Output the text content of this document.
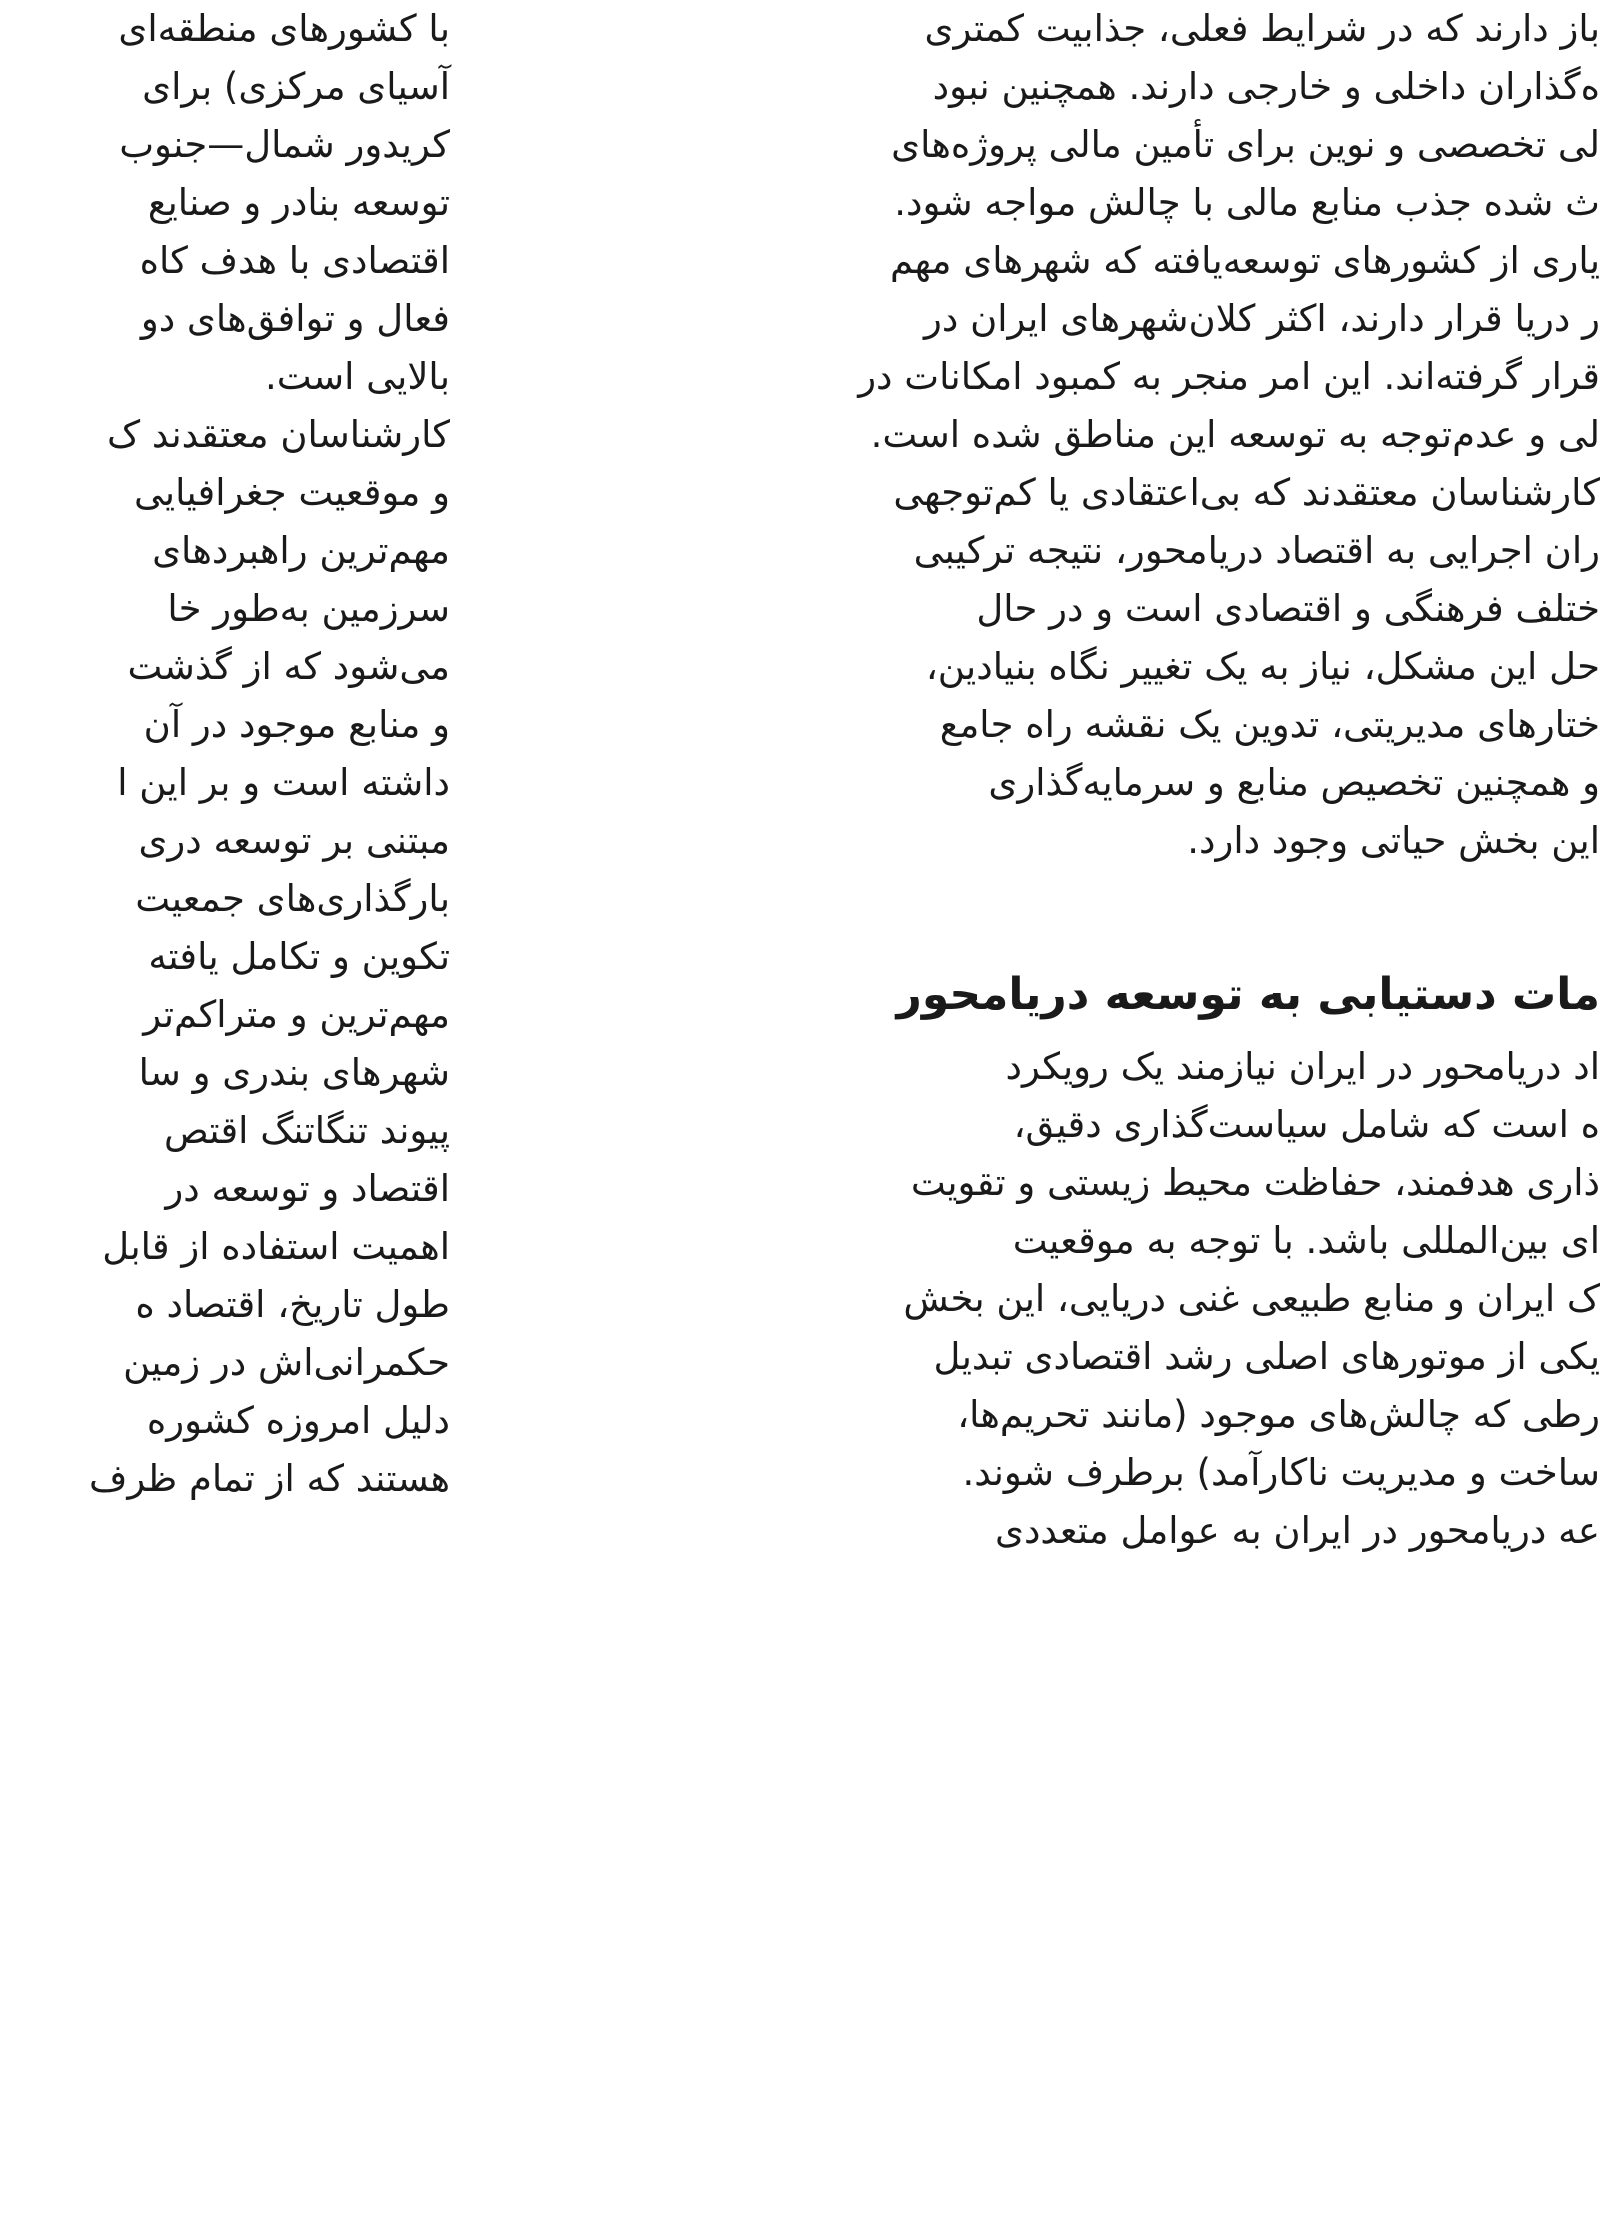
باز دارند که در شرایط فعلی، جذابیت کمتری
ه‌گذاران داخلی و خارجی دارند. همچنین نبود
لی تخصصی و نوین برای تأمین مالی پروژه‌های
ث شده جذب منابع مالی با چالش مواجه شود.
یاری از کشورهای توسعه‌یافته که شهرهای مهم
ر دریا قرار دارند، اکثر کلان‌شهرهای ایران در
قرار گرفته‌اند. این امر منجر به کمبود امکانات در
لی و عدم‌توجه به توسعه این مناطق شده است.
کارشناسان معتقدند که بی‌اعتقادی یا کم‌توجهی
ران اجرایی به اقتصاد دریامحور، نتیجه ترکیبی
ختلف فرهنگی و اقتصادی است و در حال
حل این مشکل، نیاز به یک تغییر نگاه بنیادین،
ختارهای مدیریتی، تدوین یک نقشه راه جامع
و همچنین تخصیص منابع و سرمایه‌گذاری
این بخش حیاتی وجود دارد.
مات دستیابی به توسعه دریامحور
اد دریامحور در ایران نیازمند یک رویکرد
ه است که شامل سیاست‌گذاری دقیق،
ذاری هدفمند، حفاظت محیط زیستی و تقویت
ای بین‌المللی باشد. با توجه به موقعیت
ک ایران و منابع طبیعی غنی دریایی، این بخش
یکی از موتورهای اصلی رشد اقتصادی تبدیل
رطی که چالش‌های موجود (مانند تحریم‌ها،
ساخت و مدیریت ناکارآمد) برطرف شوند.
عه دریامحور در ایران به عوامل متعددی
با کشورهای منطقه‌ای
آسیای مرکزی) برای
کریدور شمال—جنوب
توسعه بنادر و صنایع
اقتصادی با هدف کاه
فعال و توافق‌های دو
بالایی است.
کارشناسان معتقدند ک
و موقعیت جغرافیایی
مهم‌ترین راهبردهای
سرزمین به‌طور خا
می‌شود که از گذشت
و منابع موجود در آن
داشته است و بر این ا
مبتنی بر توسعه دری
بارگذاری‌های جمعیت
تکوین و تکامل یافته
مهم‌ترین و متراکم‌تر
شهرهای بندری و سا
پیوند تنگاتنگ اقتص
اقتصاد و توسعه در
اهمیت استفاده از قابل
طول تاریخ، اقتصاد ه
حکمرانی‌اش در زمین
دلیل امروزه کشوره
هستند که از تمام ظرف
